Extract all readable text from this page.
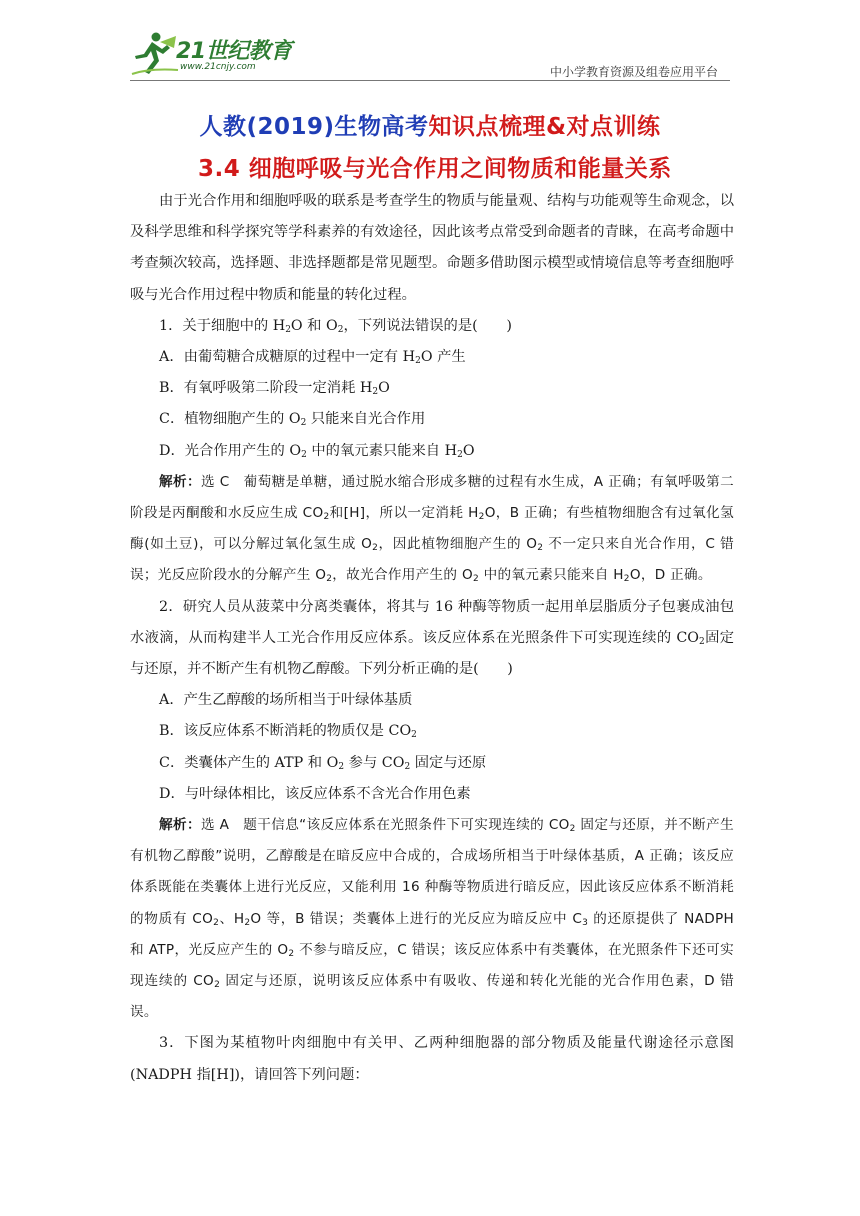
21世纪教育
www.21cnjy.com	中小学教育资源及组卷应用平台
人教(2019)生物高考知识点梳理&对点训练
3.4 细胞呼吸与光合作用之间物质和能量关系

由于光合作用和细胞呼吸的联系是考查学生的物质与能量观、结构与功能观等生命观念，以及科学思维和科学探究等学科素养的有效途径，因此该考点常受到命题者的青睐，在高考命题中考查频次较高，选择题、非选择题都是常见题型。命题多借助图示模型或情境信息等考查细胞呼吸与光合作用过程中物质和能量的转化过程。

1．关于细胞中的 $H_2O$ 和 $O_2$，下列说法错误的是(　　)

A．由葡萄糖合成糖原的过程中一定有 $H_2O$ 产生

B．有氧呼吸第二阶段一定消耗 $H_2O$

C．植物细胞产生的 $O_2$ 只能来自光合作用

D．光合作用产生的 $O_2$ 中的氧元素只能来自 $H_2O$

解析：选 C　葡萄糖是单糖，通过脱水缩合形成多糖的过程有水生成，A 正确；有氧呼吸第二阶段是丙酮酸和水反应生成 $CO_2$和[H]，所以一定消耗 $H_2O$，B 正确；有些植物细胞含有过氧化氢酶(如土豆)，可以分解过氧化氢生成 $O_2$，因此植物细胞产生的 $O_2$ 不一定只来自光合作用，C 错误；光反应阶段水的分解产生 $O_2$，故光合作用产生的 $O_2$ 中的氧元素只能来自 $H_2O$，D 正确。

2．研究人员从菠菜中分离类囊体，将其与 16 种酶等物质一起用单层脂质分子包裹成油包水液滴，从而构建半人工光合作用反应体系。该反应体系在光照条件下可实现连续的 $CO_2$固定与还原，并不断产生有机物乙醇酸。下列分析正确的是(　　)

A．产生乙醇酸的场所相当于叶绿体基质

B．该反应体系不断消耗的物质仅是 $CO_2$

C．类囊体产生的 ATP 和 $O_2$ 参与 $CO_2$ 固定与还原

D．与叶绿体相比，该反应体系不含光合作用色素

解析：选 A　题干信息“该反应体系在光照条件下可实现连续的 $CO_2$ 固定与还原，并不断产生有机物乙醇酸”说明，乙醇酸是在暗反应中合成的，合成场所相当于叶绿体基质，A 正确；该反应体系既能在类囊体上进行光反应，又能利用 16 种酶等物质进行暗反应，因此该反应体系不断消耗的物质有 $CO_2$、$H_2O$ 等，B 错误；类囊体上进行的光反应为暗反应中 $C_3$ 的还原提供了 NADPH 和 ATP，光反应产生的 $O_2$ 不参与暗反应，C 错误；该反应体系中有类囊体，在光照条件下还可实现连续的 $CO_2$ 固定与还原，说明该反应体系中有吸收、传递和转化光能的光合作用色素，D 错误。

3．下图为某植物叶肉细胞中有关甲、乙两种细胞器的部分物质及能量代谢途径示意图(NADPH 指[H])，请回答下列问题：
